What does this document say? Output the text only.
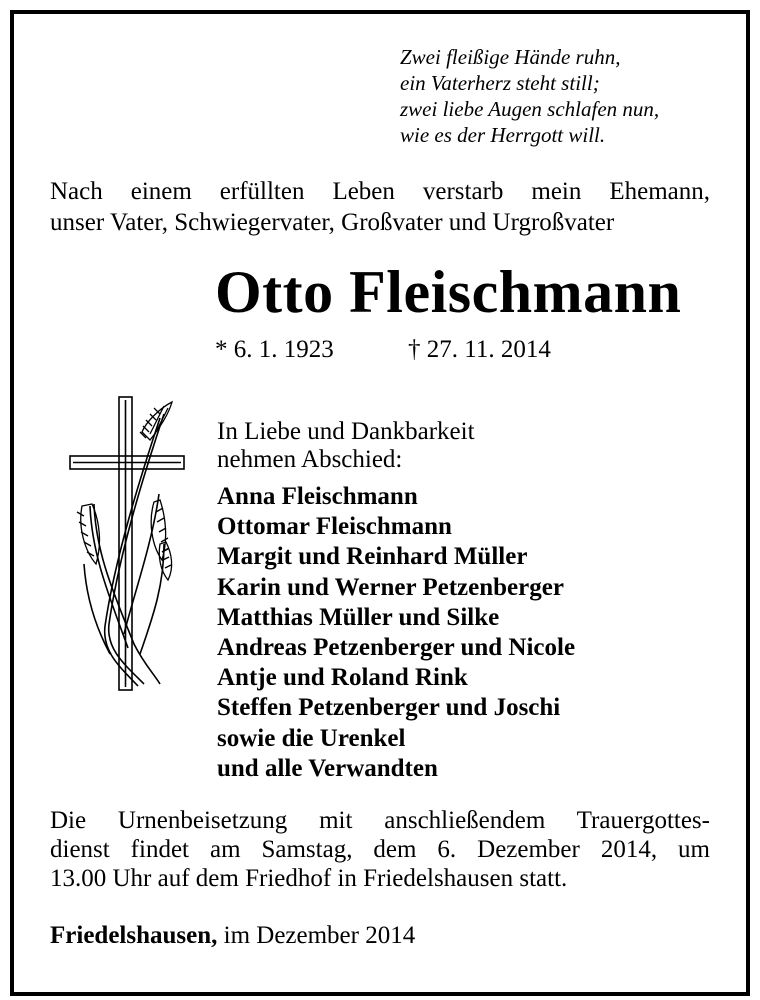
Zwei fleißige Hände ruhn,
ein Vaterherz steht still;
zwei liebe Augen schlafen nun,
wie es der Herrgott will.
Nach einem erfüllten Leben verstarb mein Ehemann,
unser Vater, Schwiegervater, Großvater und Urgroßvater
Otto Fleischmann
* 6. 1. 1923	† 27. 11. 2014
In Liebe und Dankbarkeit
nehmen Abschied:
Anna Fleischmann
Ottomar Fleischmann
Margit und Reinhard Müller
Karin und Werner Petzenberger
Matthias Müller und Silke
Andreas Petzenberger und Nicole
Antje und Roland Rink
Steffen Petzenberger und Joschi
sowie die Urenkel
und alle Verwandten
Die Urnenbeisetzung mit anschließendem Trauergottes-
dienst findet am Samstag, dem 6. Dezember 2014, um
13.00 Uhr auf dem Friedhof in Friedelshausen statt.
Friedelshausen, im Dezember 2014
